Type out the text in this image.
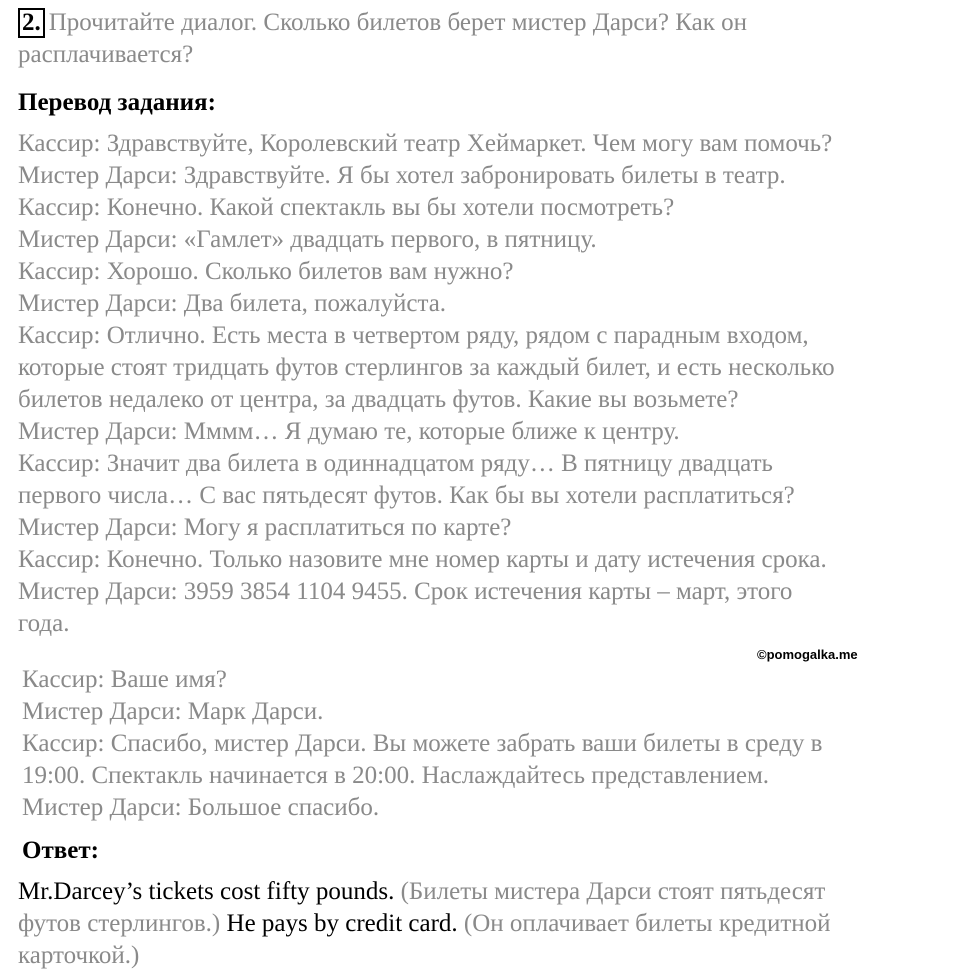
2. Прочитайте диалог. Сколько билетов берет мистер Дарси? Как он
расплачивается?
Перевод задания:
Кассир: Здравствуйте, Королевский театр Хеймаркет. Чем могу вам помочь?
Мистер Дарси: Здравствуйте. Я бы хотел забронировать билеты в театр.
Кассир: Конечно. Какой спектакль вы бы хотели посмотреть?
Мистер Дарси: «Гамлет» двадцать первого, в пятницу.
Кассир: Хорошо. Сколько билетов вам нужно?
Мистер Дарси: Два билета, пожалуйста.
Кассир: Отлично. Есть места в четвертом ряду, рядом с парадным входом,
которые стоят тридцать футов стерлингов за каждый билет, и есть несколько
билетов недалеко от центра, за двадцать футов. Какие вы возьмете?
Мистер Дарси: Мммм… Я думаю те, которые ближе к центру.
Кассир: Значит два билета в одиннадцатом ряду… В пятницу двадцать
первого числа… С вас пятьдесят футов. Как бы вы хотели расплатиться?
Мистер Дарси: Могу я расплатиться по карте?
Кассир: Конечно. Только назовите мне номер карты и дату истечения срока.
Мистер Дарси: 3959 3854 1104 9455. Срок истечения карты – март, этого
года.
©pomogalka.me
Кассир: Ваше имя?
Мистер Дарси: Марк Дарси.
Кассир: Спасибо, мистер Дарси. Вы можете забрать ваши билеты в среду в
19:00. Спектакль начинается в 20:00. Наслаждайтесь представлением.
Мистер Дарси: Большое спасибо.
Ответ:
Mr.Darcey’s tickets cost fifty pounds. (Билеты мистера Дарси стоят пятьдесят
футов стерлингов.) He pays by credit card. (Он оплачивает билеты кредитной
карточкой.)
